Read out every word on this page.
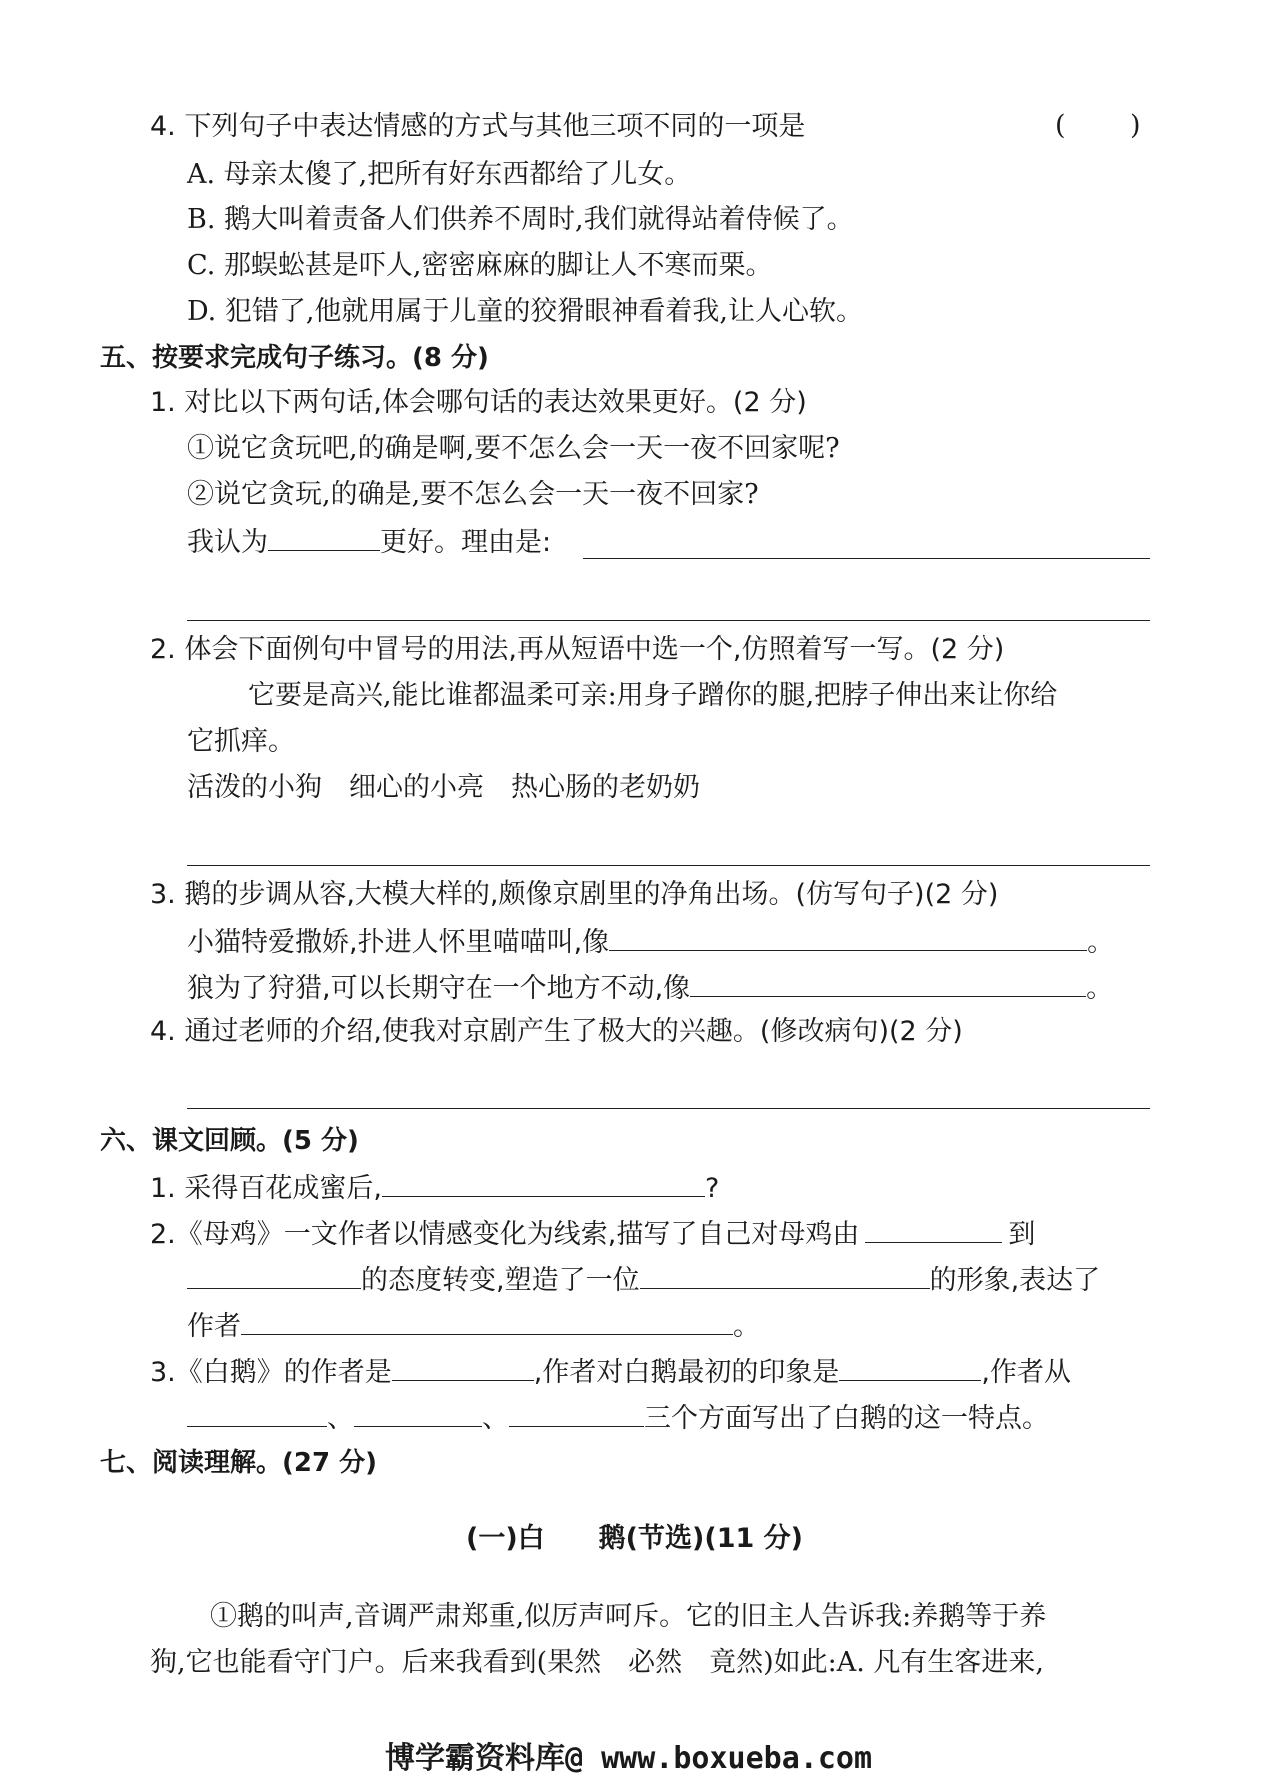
4. 下列句子中表达情感的方式与其他三项不同的一项是	( )
A. 母亲太傻了,把所有好东西都给了儿女。
B. 鹅大叫着责备人们供养不周时,我们就得站着侍候了。
C. 那蜈蚣甚是吓人,密密麻麻的脚让人不寒而栗。
D. 犯错了,他就用属于儿童的狡猾眼神看着我,让人心软。
五、按要求完成句子练习。(8 分)
1. 对比以下两句话,体会哪句话的表达效果更好。(2 分)
①说它贪玩吧,的确是啊,要不怎么会一天一夜不回家呢?
②说它贪玩,的确是,要不怎么会一天一夜不回家?
我认为	更好。理由是:
2. 体会下面例句中冒号的用法,再从短语中选一个,仿照着写一写。(2 分)
它要是高兴,能比谁都温柔可亲:用身子蹭你的腿,把脖子伸出来让你给
它抓痒。
活泼的小狗　细心的小亮　热心肠的老奶奶
3. 鹅的步调从容,大模大样的,颇像京剧里的净角出场。(仿写句子)(2 分)
小猫特爱撒娇,扑进人怀里喵喵叫,像	。
狼为了狩猎,可以长期守在一个地方不动,像	。
4. 通过老师的介绍,使我对京剧产生了极大的兴趣。(修改病句)(2 分)
六、课文回顾。(5 分)
1. 采得百花成蜜后,	?
2.《母鸡》一文作者以情感变化为线索,描写了自己对母鸡由	到
的态度转变,塑造了一位	的形象,表达了
作者	。
3.《白鹅》的作者是	,作者对白鹅最初的印象是	,作者从
、	、	三个方面写出了白鹅的这一特点。
七、阅读理解。(27 分)
(一)白　　鹅(节选)(11 分)
①鹅的叫声,音调严肃郑重,似厉声呵斥。它的旧主人告诉我:养鹅等于养
狗,它也能看守门户。后来我看到(果然　必然　竟然)如此:A. 凡有生客进来,
博学霸资料库@ www.boxueba.com
